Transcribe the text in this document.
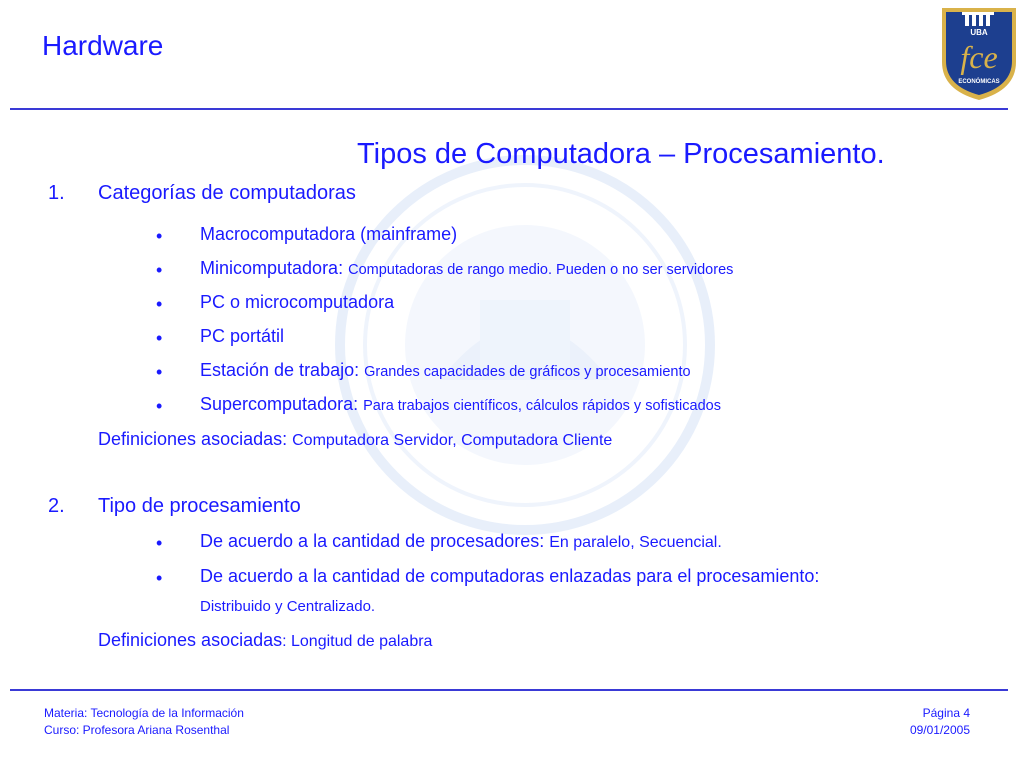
Hardware	UBA
fce
ECONÓMICAS
Tipos de Computadora – Procesamiento.
1. Categorías de computadoras
• Macrocomputadora (mainframe)
• Minicomputadora: Computadoras de rango medio. Pueden o no ser servidores
• PC o microcomputadora
• PC portátil
• Estación de trabajo: Grandes capacidades de gráficos y procesamiento
• Supercomputadora: Para trabajos científicos, cálculos rápidos y sofisticados
Definiciones asociadas: Computadora Servidor, Computadora Cliente
2. Tipo de procesamiento
• De acuerdo a la cantidad de procesadores: En paralelo, Secuencial.
• De acuerdo a la cantidad de computadoras enlazadas para el procesamiento:
Distribuido y Centralizado.
Definiciones asociadas: Longitud de palabra
Materia: Tecnología de la Información
Curso: Profesora Ariana Rosenthal
Página 4
09/01/2005
